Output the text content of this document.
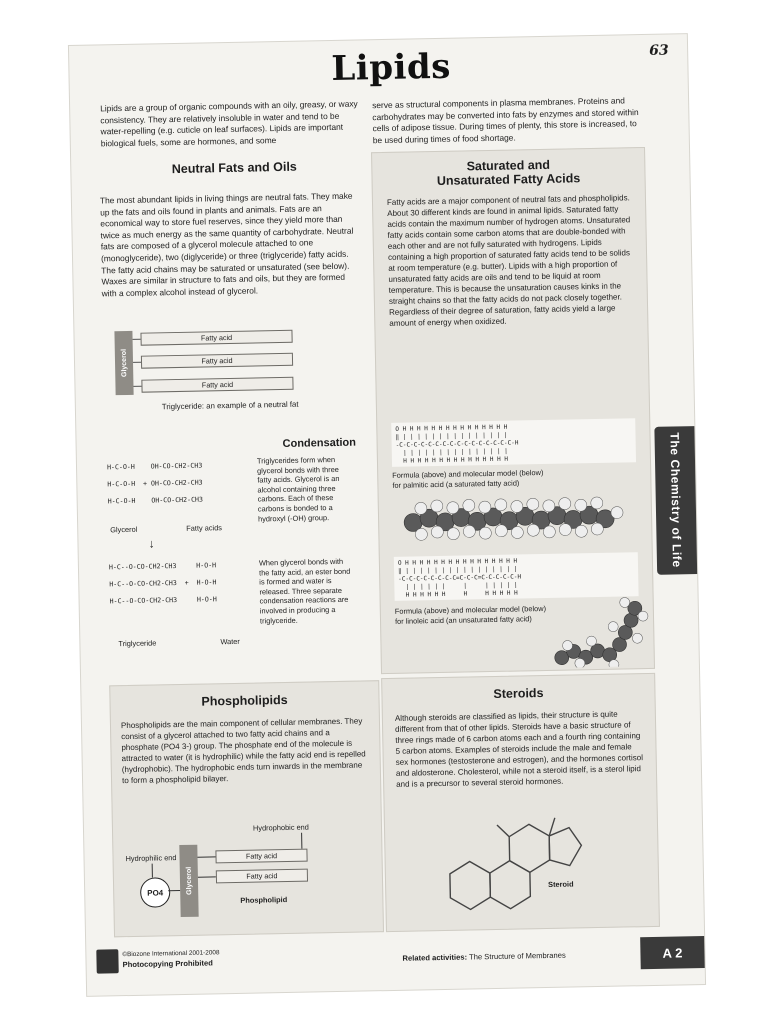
Lipids	63

Lipids are a group of organic compounds with an oily, greasy, or waxy consistency. They are relatively insoluble in water and tend to be water-repelling (e.g. cuticle on leaf surfaces). Lipids are important biological fuels, some are hormones, and some

serve as structural components in plasma membranes. Proteins and carbohydrates may be converted into fats by enzymes and stored within cells of adipose tissue. During times of plenty, this store is increased, to be used during times of food shortage.

Neutral Fats and Oils

The most abundant lipids in living things are neutral fats. They make up the fats and oils found in plants and animals. Fats are an economical way to store fuel reserves, since they yield more than twice as much energy as the same quantity of carbohydrate. Neutral fats are composed of a glycerol molecule attached to one (monoglyceride), two (diglyceride) or three (triglyceride) fatty acids. The fatty acid chains may be saturated or unsaturated (see below). Waxes are similar in structure to fats and oils, but they are formed with a complex alcohol instead of glycerol.

Glycerol
Fatty acid
Fatty acid
Fatty acid
Triglyceride: an example of a neutral fat
Condensation
H-C-O-H    OH-CO-CH2-CH3
H-C-O-H  + OH-CO-CH2-CH3
H-C-O-H    OH-CO-CH2-CH3
Glycerol	Fatty acids
↓
H-C--O-CO-CH2-CH3     H-O-H
H-C--O-CO-CH2-CH3  +  H-O-H
H-C--O-CO-CH2-CH3     H-O-H
Triglyceride	Water

Triglycerides form when glycerol bonds with three fatty acids. Glycerol is an alcohol containing three carbons. Each of these carbons is bonded to a hydroxyl (-OH) group.

When glycerol bonds with the fatty acid, an ester bond is formed and water is released. Three separate condensation reactions are involved in producing a triglyceride.

Saturated and
Unsaturated Fatty Acids

Fatty acids are a major component of neutral fats and phospholipids. About 30 different kinds are found in animal lipids. Saturated fatty acids contain the maximum number of hydrogen atoms. Unsaturated fatty acids contain some carbon atoms that are double-bonded with each other and are not fully saturated with hydrogens. Lipids containing a high proportion of saturated fatty acids tend to be solids at room temperature (e.g. butter). Lipids with a high proportion of unsaturated fatty acids are oils and tend to be liquid at room temperature. This is because the unsaturation causes kinks in the straight chains so that the fatty acids do not pack closely together. Regardless of their degree of saturation, fatty acids yield a large amount of energy when oxidized.

O H H H H H H H H H H H H H H H
‖ | | | | | | | | | | | | | | |
-C-C-C-C-C-C-C-C-C-C-C-C-C-C-C-C-H
| | | | | | | | | | | | | | |
H H H H H H H H H H H H H H H
Formula (above) and molecular model (below)
for palmitic acid (a saturated fatty acid)
O H H H H H H H H H H H H H H H H
‖ | | | | | | | | | | | | | | | |
-C-C-C-C-C-C-C-C=C-C-C=C-C-C-C-C-H
| | | | | |     |     | | | | |
H H H H H H     H     H H H H H
Formula (above) and molecular model (below)
for linoleic acid (an unsaturated fatty acid)
The Chemistry of Life
Phospholipids

Phospholipids are the main component of cellular membranes. They consist of a glycerol attached to two fatty acid chains and a phosphate (PO4 3-) group. The phosphate end of the molecule is attracted to water (it is hydrophilic) while the fatty acid end is repelled (hydrophobic). The hydrophobic ends turn inwards in the membrane to form a phospholipid bilayer.

Hydrophobic end
Hydrophilic end
PO4	Glycerol
Fatty acid
Fatty acid
Phospholipid
Steroids

Although steroids are classified as lipids, their structure is quite different from that of other lipids. Steroids have a basic structure of three rings made of 6 carbon atoms each and a fourth ring containing 5 carbon atoms. Examples of steroids include the male and female sex hormones (testosterone and estrogen), and the hormones cortisol and aldosterone. Cholesterol, while not a steroid itself, is a sterol lipid and is a precursor to several steroid hormones.

Steroid
©Biozone International 2001-2008
Photocopying Prohibited
Related activities: The Structure of Membranes	A 2
